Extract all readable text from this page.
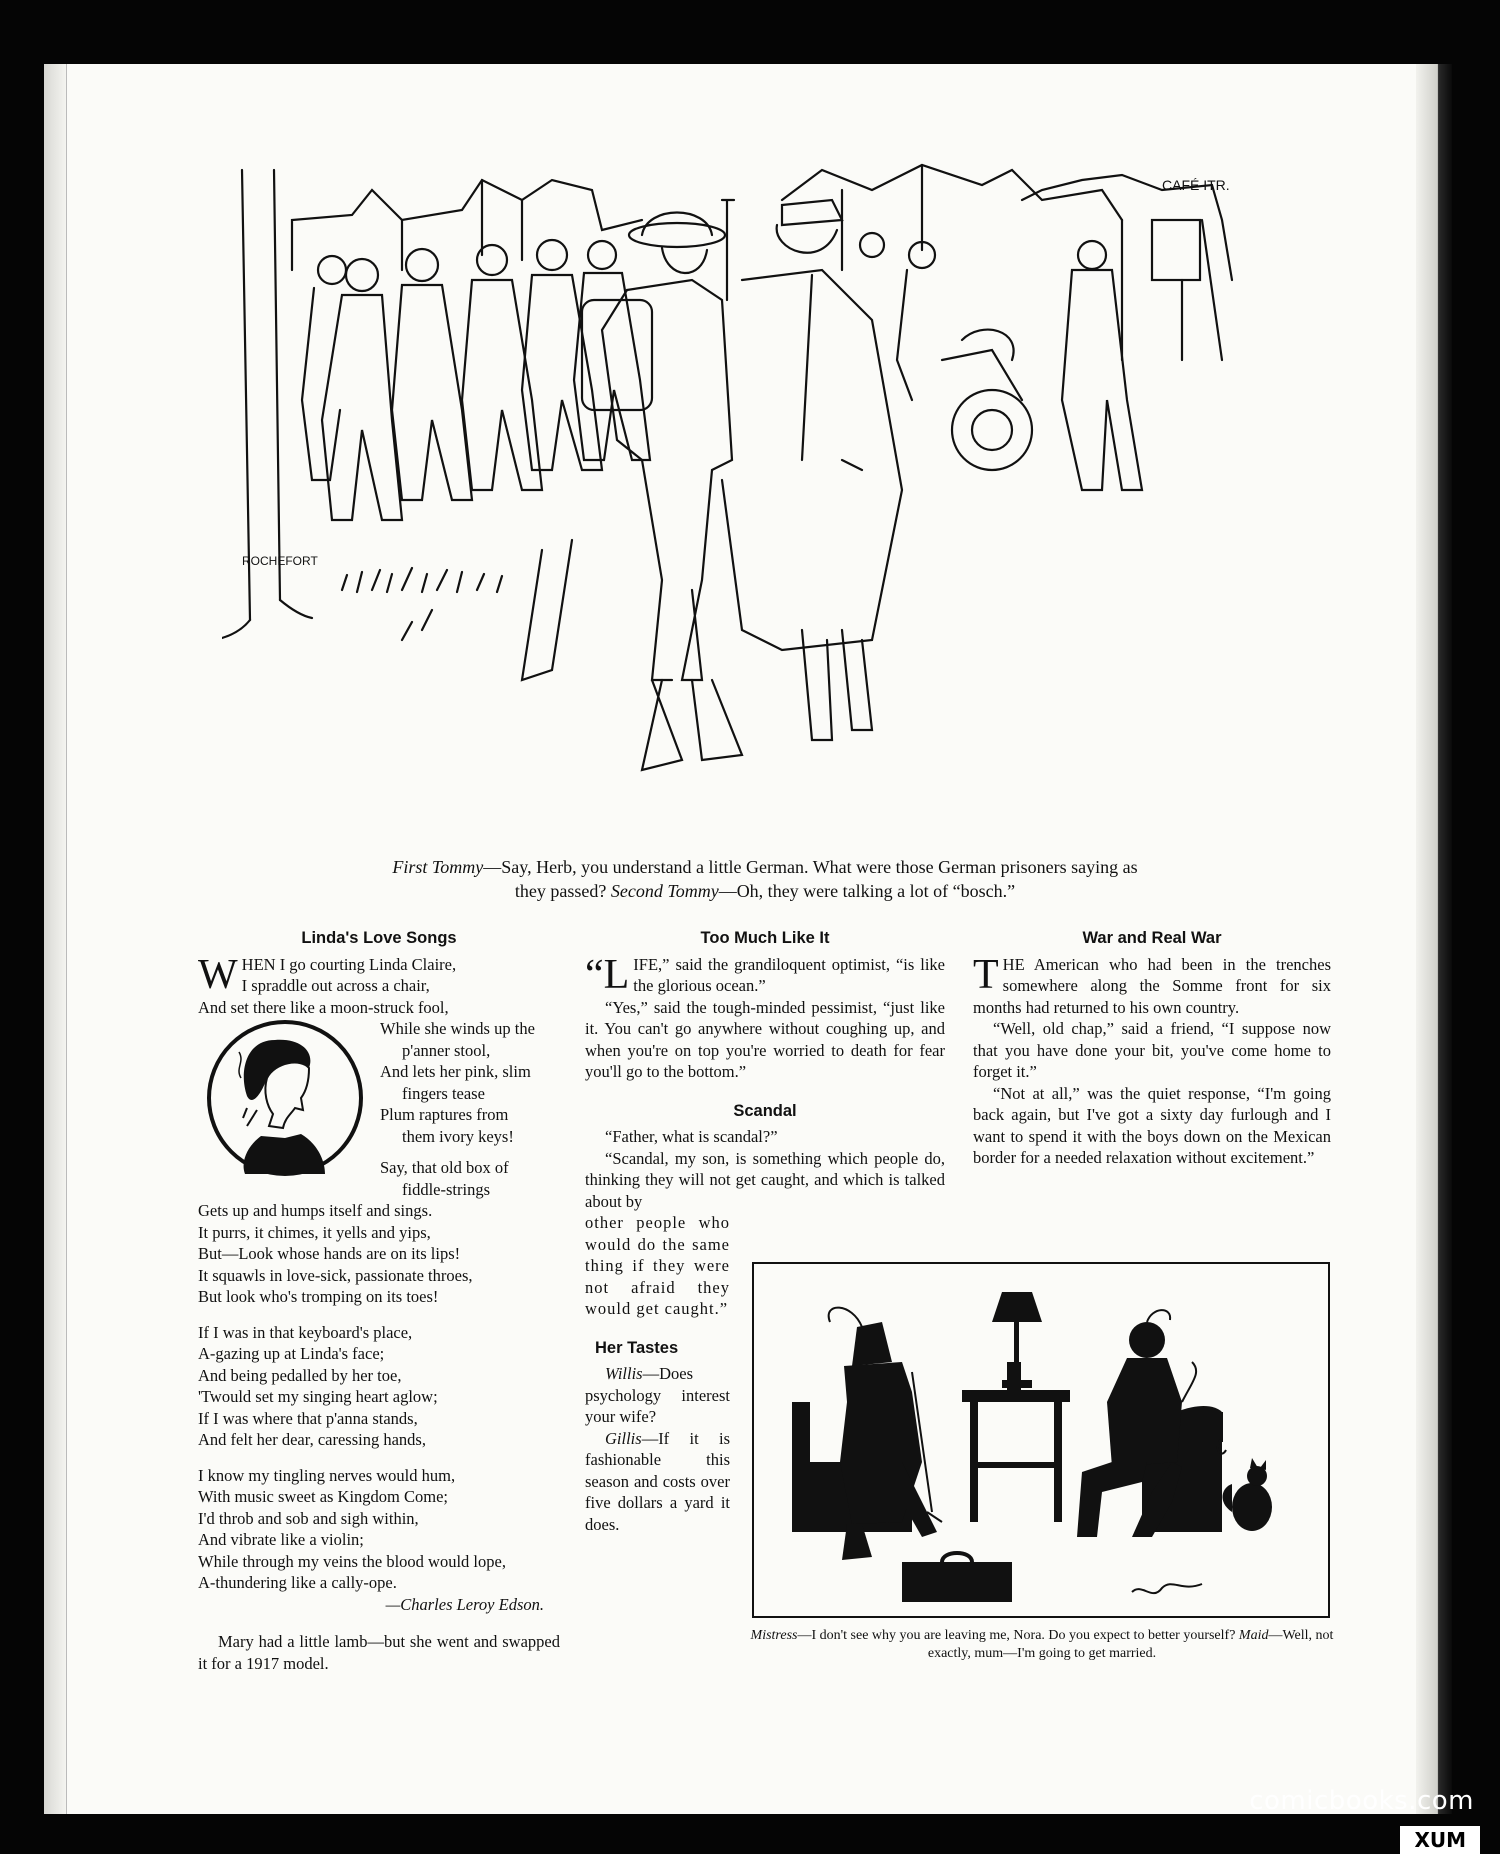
ROCHEFORT
CAFÉ ITR.
First Tommy—Say, Herb, you understand a little German. What were those German prisoners saying as
they passed? Second Tommy—Oh, they were talking a lot of “bosch.”
Linda's Love Songs

WHEN I go courting Linda Claire,

I spraddle out across a chair,

And set there like a moon-struck fool,

While she winds up the

p'anner stool,

And lets her pink, slim

fingers tease

Plum raptures from

them ivory keys!

Say, that old box of

fiddle-strings

Gets up and humps itself and sings.

It purrs, it chimes, it yells and yips,

But—Look whose hands are on its lips!

It squawls in love-sick, passionate throes,

But look who's tromping on its toes!

If I was in that keyboard's place,

A-gazing up at Linda's face;

And being pedalled by her toe,

'Twould set my singing heart aglow;

If I was where that p'anna stands,

And felt her dear, caressing hands,

I know my tingling nerves would hum,

With music sweet as Kingdom Come;

I'd throb and sob and sigh within,

And vibrate like a violin;

While through my veins the blood would lope,

A-thundering like a cally-ope.

—Charles Leroy Edson.

Mary had a little lamb—but she went and swapped it for a 1917 model.

Too Much Like It

“LIFE,” said the grandiloquent optimist, “is like the glorious ocean.”

“Yes,” said the tough-minded pessimist, “just like it. You can't go anywhere without coughing up, and when you're on top you're worried to death for fear you'll go to the bottom.”

Scandal

“Father, what is scandal?”

“Scandal, my son, is something which people do, thinking they will not get caught, and which is talked about by

other people who would do the same thing if they were not afraid they would get caught.”

Her Tastes

Willis—Does psychology interest your wife?

Gillis—If it is fashionable this season and costs over five dollars a yard it does.

War and Real War

THE American who had been in the trenches somewhere along the Somme front for six months had returned to his own country.

“Well, old chap,” said a friend, “I suppose now that you have done your bit, you've come home to forget it.”

“Not at all,” was the quiet response, “I'm going back again, but I've got a sixty day furlough and I want to spend it with the boys down on the Mexican border for a needed relaxation without excitement.”

Mistress—I don't see why you are leaving me, Nora. Do you expect to better yourself? Maid—Well, not exactly, mum—I'm going to get married.
comicbooks.com
XUM
